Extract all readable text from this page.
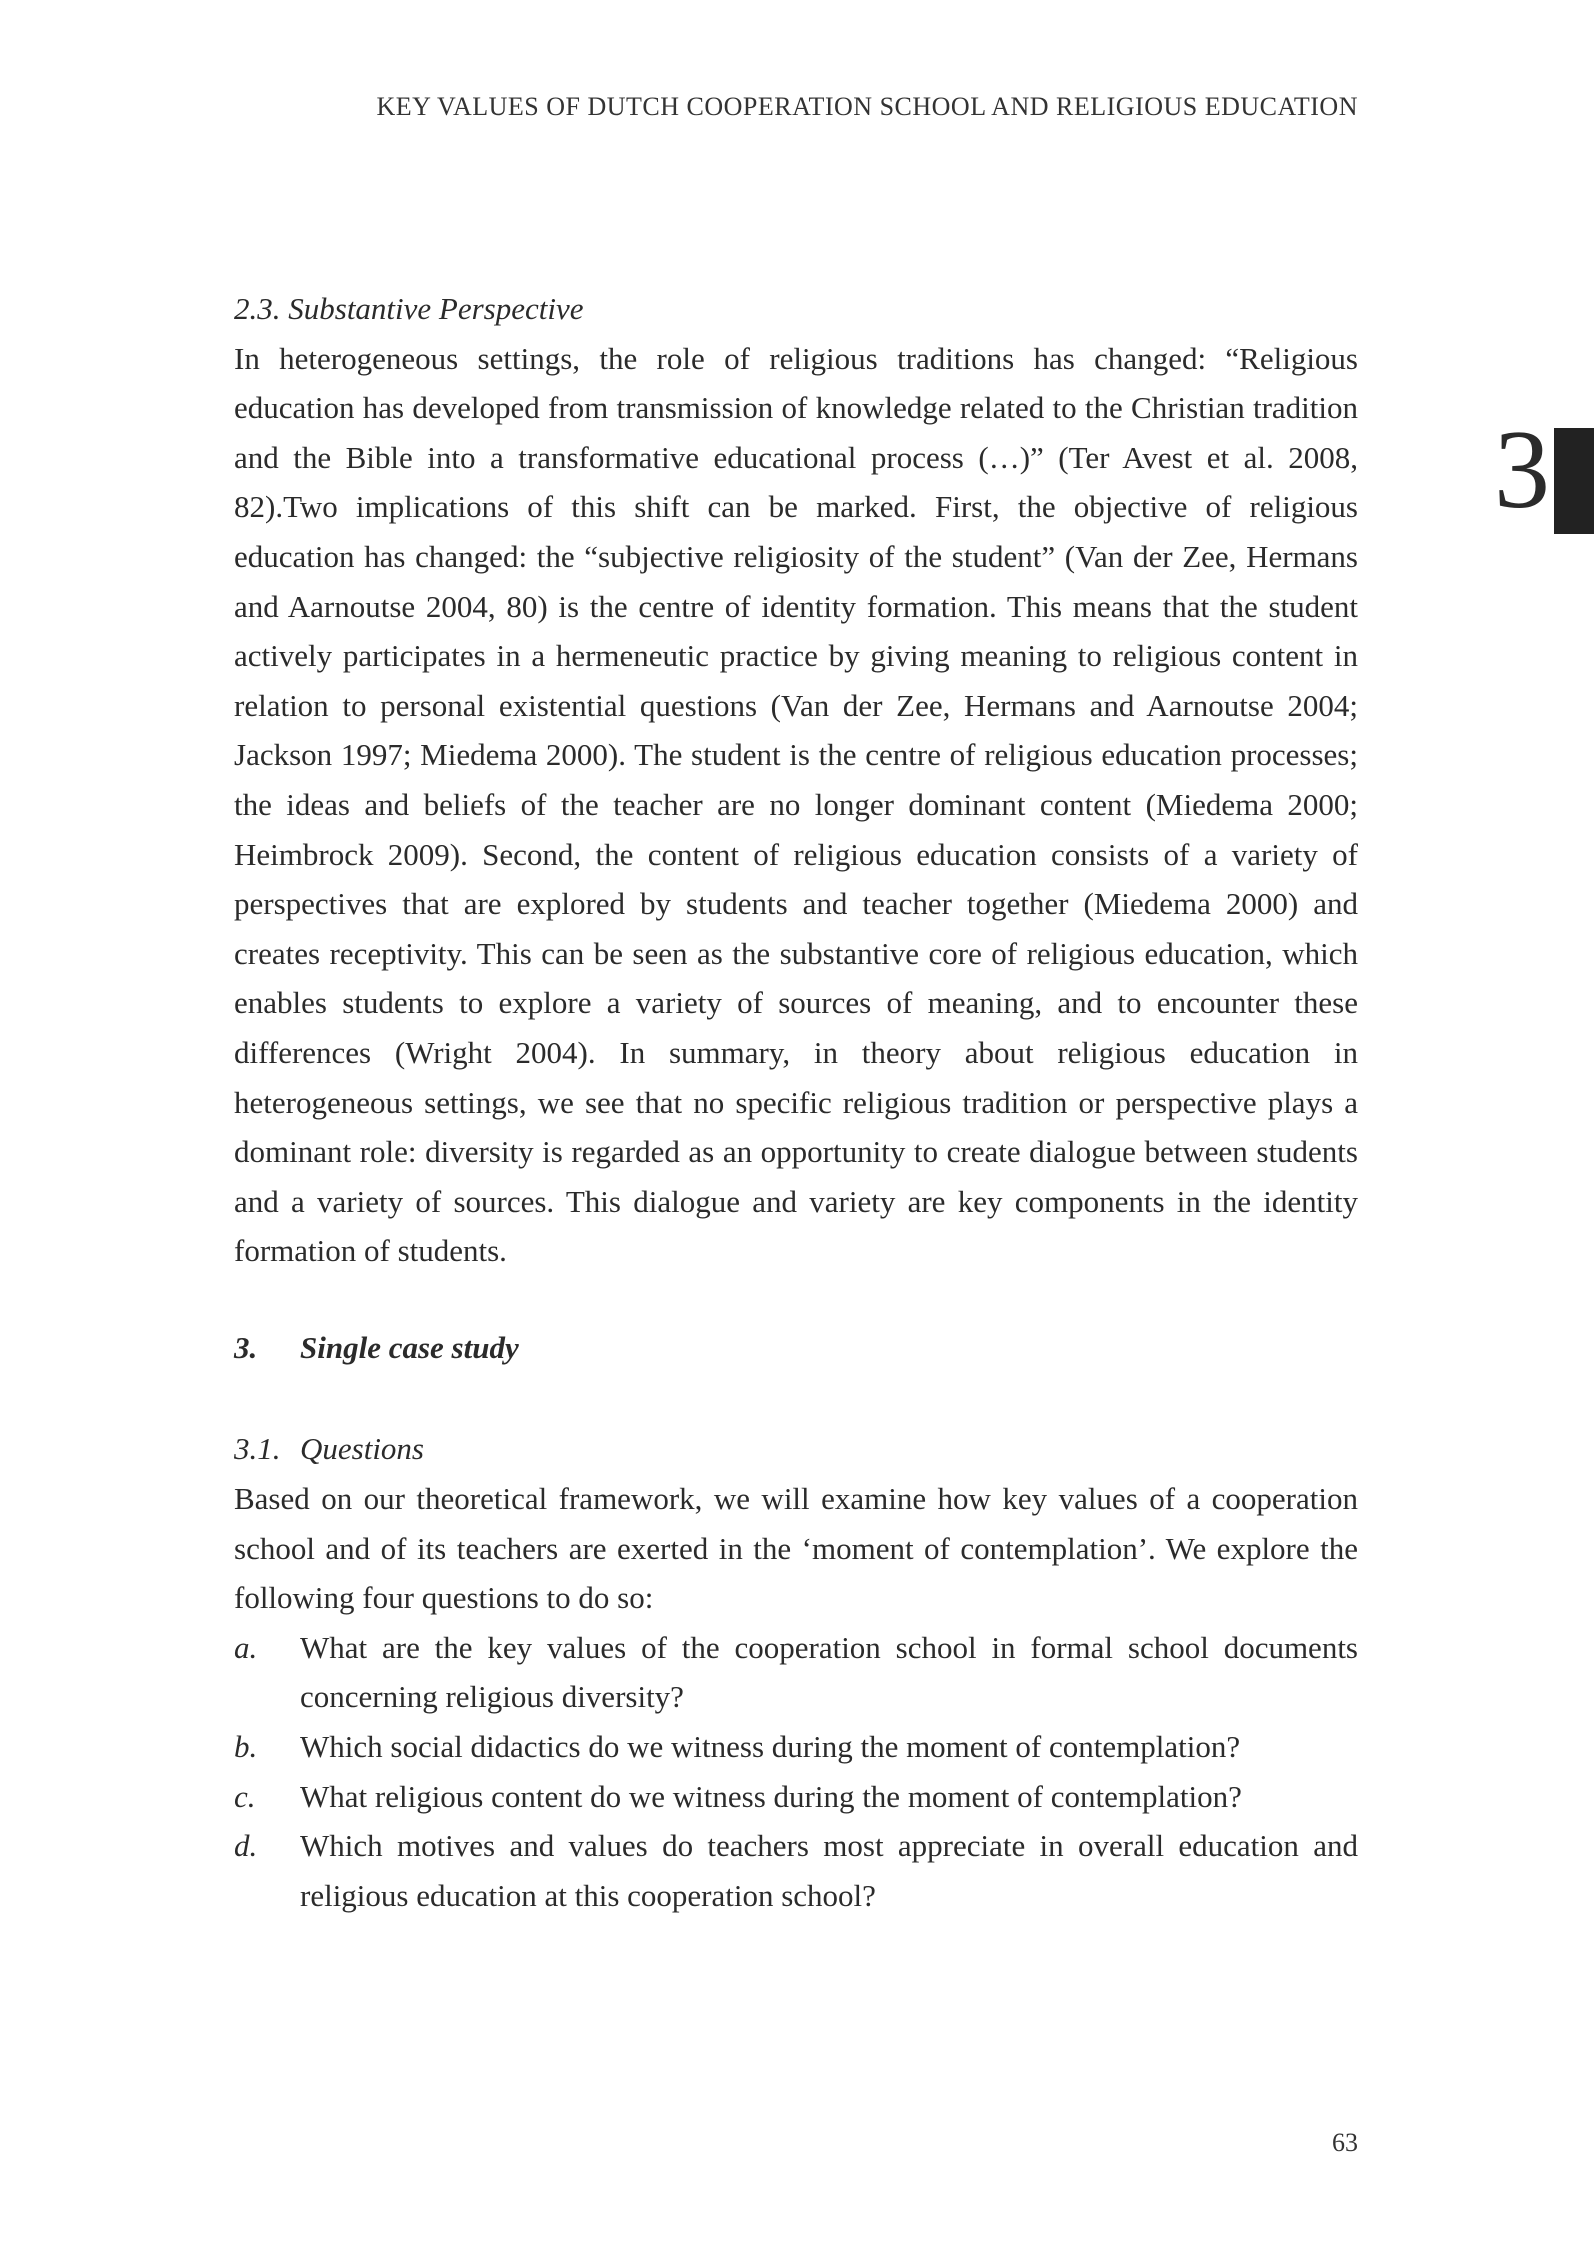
KEY VALUES OF DUTCH COOPERATION SCHOOL AND RELIGIOUS EDUCATION
3

2.3. Substantive Perspective

In heterogeneous settings, the role of religious traditions has changed: “Religious education has developed from transmission of knowledge related to the Christian tradition and the Bible into a transformative educational process (…)” (Ter Avest et al. 2008, 82).Two implications of this shift can be marked. First, the objective of religious education has changed: the “subjective religiosity of the student” (Van der Zee, Hermans and Aarnoutse 2004, 80) is the centre of identity formation. This means that the student actively participates in a hermeneutic practice by giving meaning to religious content in relation to personal existential questions (Van der Zee, Hermans and Aarnoutse 2004; Jackson 1997; Miedema 2000). The student is the centre of religious education processes; the ideas and beliefs of the teacher are no longer dominant content (Miedema 2000; Heimbrock 2009). Second, the content of religious education consists of a variety of perspectives that are explored by students and teacher together (Miedema 2000) and creates receptivity. This can be seen as the substantive core of religious education, which enables students to explore a variety of sources of meaning, and to encounter these differences (Wright 2004). In summary, in theory about religious education in heterogeneous settings, we see that no specific religious tradition or perspective plays a dominant role: diversity is regarded as an opportunity to create dialogue between students and a variety of sources. This dialogue and variety are key components in the identity formation of students.

3. Single case study

3.1. Questions

Based on our theoretical framework, we will examine how key values of a cooperation school and of its teachers are exerted in the ‘moment of contemplation’. We explore the following four questions to do so:

a.	What are the key values of the cooperation school in formal school documents concerning religious diversity?
b.	Which social didactics do we witness during the moment of contemplation?
c.	What religious content do we witness during the moment of contemplation?
d.	Which motives and values do teachers most appreciate in overall education and religious education at this cooperation school?
63
